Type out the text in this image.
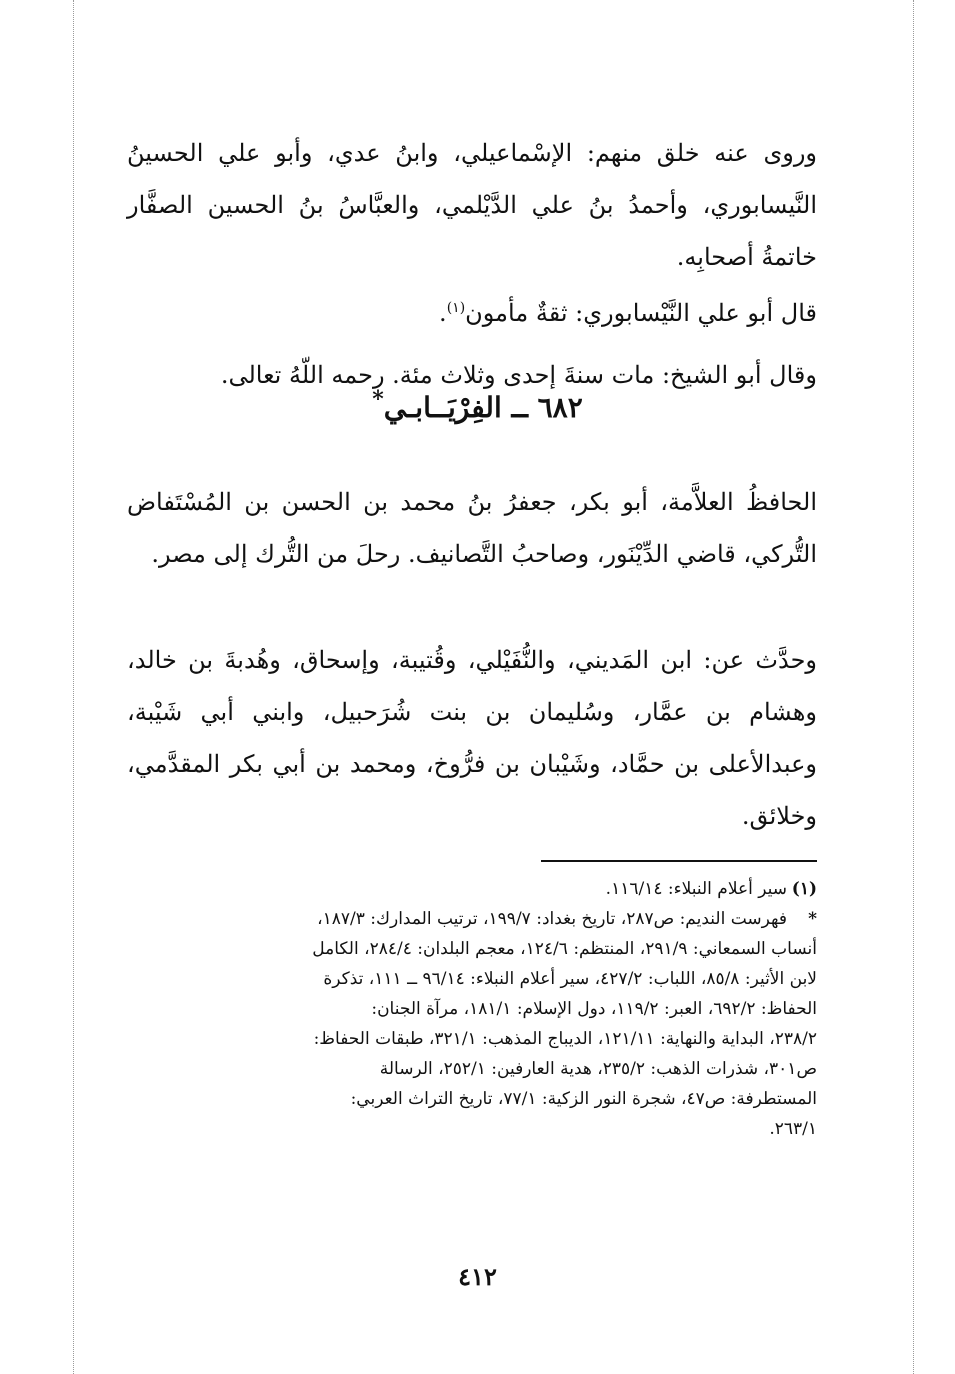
وروى عنه خلق منهم: الإسْماعيلي، وابنُ عدي، وأبو علي الحسينُ النَّيسابوري، وأحمدُ بنُ علي الدَّيْلمي، والعبَّاسُ بنُ الحسين الصفَّار خاتمةُ أصحابِه.

قال أبو علي النَّيْسابوري: ثقةٌ مأمون$^{(١)}$.

وقال أبو الشيخ: مات سنةَ إحدى وثلاث مئة. رحمه اللّهُ تعالى.

٦٨٢ ــ الفِرْيَــابـي*

الحافظُ العلاَّمة، أبو بكر، جعفرُ بنُ محمد بن الحسن بن المُسْتَفاض التُّركي، قاضي الدِّيْنَور، وصاحبُ التَّصانيف. رحلَ من التُّرك إلى مصر.

وحدَّث عن: ابن المَديني، والنُّفَيْلي، وقُتيبة، وإسحاق، وهُدبةَ بن خالد، وهشام بن عمَّار، وسُليمان بن بنت شُرَحبيل، وابني أبي شَيْبة، وعبدالأعلى بن حمَّاد، وشَيْبان بن فرُّوخ، ومحمد بن أبي بكر المقدَّمي، وخلائق.

(١)سير أعلام النبلاء: ١١٦/١٤.
*فهرست النديم: ص٢٨٧، تاريخ بغداد: ١٩٩/٧، ترتيب المدارك: ١٨٧/٣،
أنساب السمعاني: ٢٩١/٩، المنتظم: ١٢٤/٦، معجم البلدان: ٢٨٤/٤، الكامل
لابن الأثير: ٨٥/٨، اللباب: ٤٢٧/٢، سير أعلام النبلاء: ٩٦/١٤ ــ ١١١، تذكرة
الحفاظ: ٦٩٢/٢، العبر: ١١٩/٢، دول الإسلام: ١٨١/١، مرآة الجنان:
٢٣٨/٢، البداية والنهاية: ١٢١/١١، الديباج المذهب: ٣٢١/١، طبقات الحفاظ:
ص٣٠١، شذرات الذهب: ٢٣٥/٢، هدية العارفين: ٢٥٢/١، الرسالة
المستطرفة: ص٤٧، شجرة النور الزكية: ٧٧/١، تاريخ التراث العربي:
٢٦٣/١.
٤١٢
